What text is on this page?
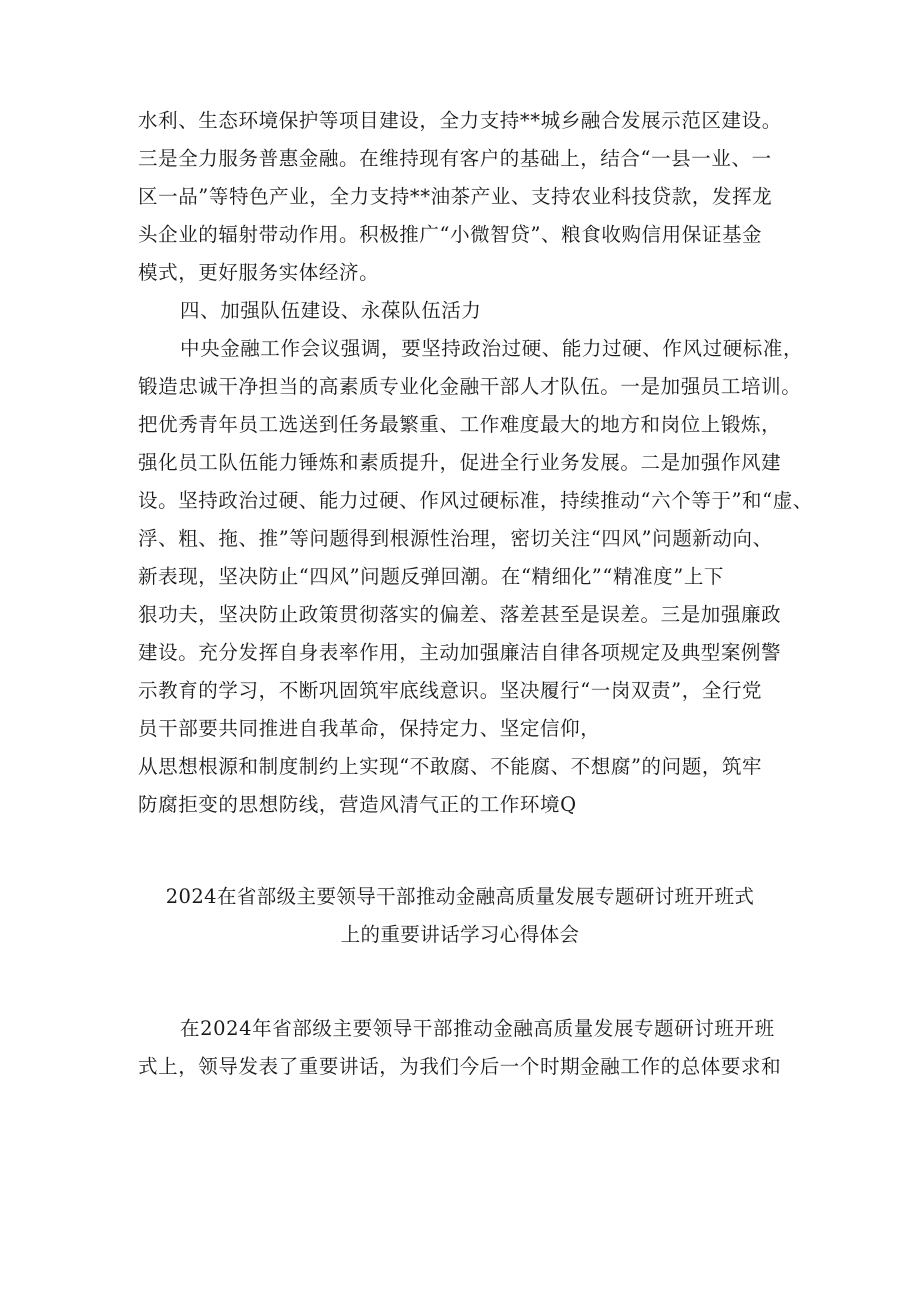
水利、生态环境保护等项目建设，全力支持**城乡融合发展示范区建设。
三是全力服务普惠金融。在维持现有客户的基础上，结合“一县一业、一
区一品”等特色产业，全力支持**油茶产业、支持农业科技贷款，发挥龙
头企业的辐射带动作用。积极推广“小微智贷”、粮食收购信用保证基金
模式，更好服务实体经济。
四、加强队伍建设、永葆队伍活力
中央金融工作会议强调，要坚持政治过硬、能力过硬、作风过硬标准，
锻造忠诚干净担当的高素质专业化金融干部人才队伍。一是加强员工培训。
把优秀青年员工选送到任务最繁重、工作难度最大的地方和岗位上锻炼，
强化员工队伍能力锤炼和素质提升，促进全行业务发展。二是加强作风建
设。坚持政治过硬、能力过硬、作风过硬标准，持续推动“六个等于”和“虚、
浮、粗、拖、推”等问题得到根源性治理，密切关注“四风”问题新动向、
新表现，坚决防止“四风”问题反弹回潮。在“精细化”“精准度”上下
狠功夫，坚决防止政策贯彻落实的偏差、落差甚至是误差。三是加强廉政
建设。充分发挥自身表率作用，主动加强廉洁自律各项规定及典型案例警
示教育的学习，不断巩固筑牢底线意识。坚决履行“一岗双责”，全行党
员干部要共同推进自我革命，保持定力、坚定信仰，
从思想根源和制度制约上实现“不敢腐、不能腐、不想腐”的问题，筑牢
防腐拒变的思想防线，营造风清气正的工作环境Q
2024在省部级主要领导干部推动金融高质量发展专题研讨班开班式
上的重要讲话学习心得体会
在2024年省部级主要领导干部推动金融高质量发展专题研讨班开班
式上，领导发表了重要讲话，为我们今后一个时期金融工作的总体要求和
